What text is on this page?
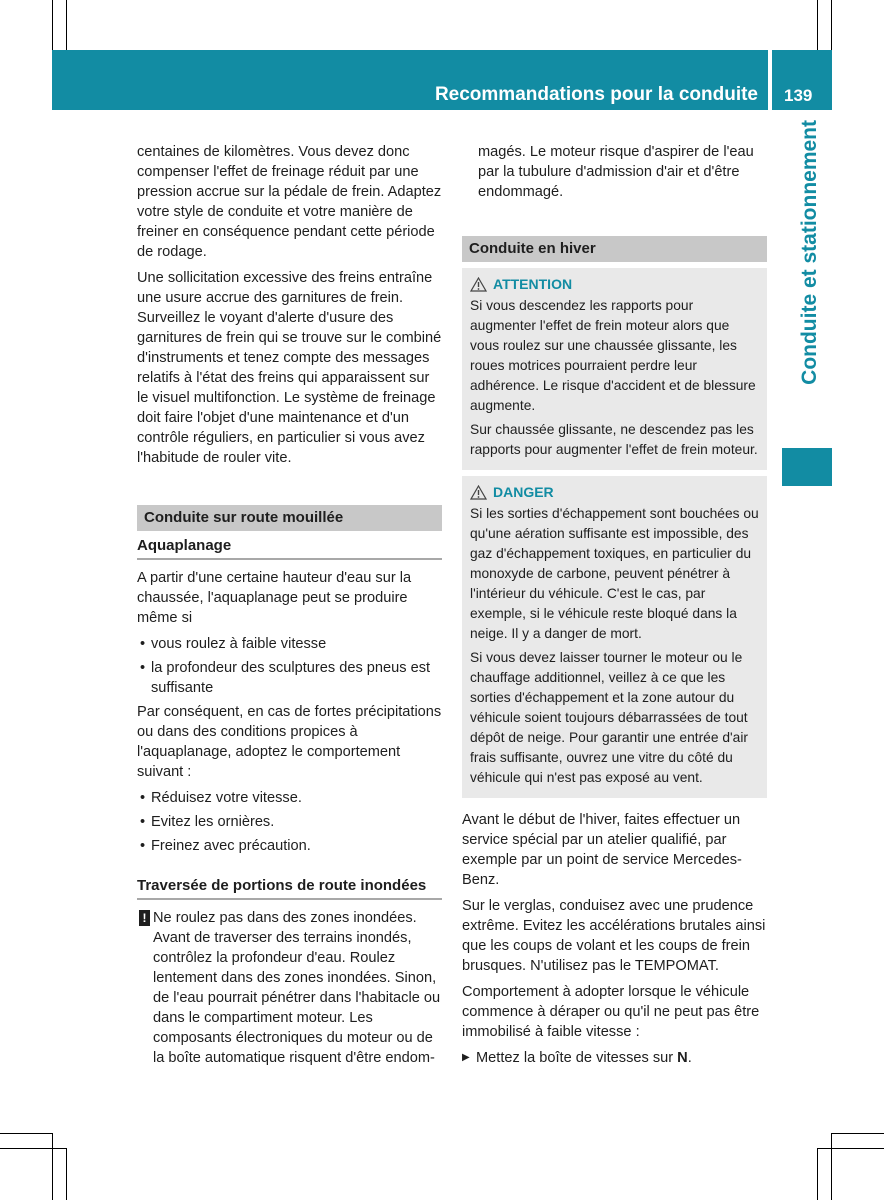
Recommandations pour la conduite 139
Conduite et stationnement

centaines de kilomètres. Vous devez donc compenser l'effet de freinage réduit par une pression accrue sur la pédale de frein. Adaptez votre style de conduite et votre manière de freiner en conséquence pendant cette période de rodage.

Une sollicitation excessive des freins entraîne une usure accrue des garnitures de frein. Surveillez le voyant d'alerte d'usure des garnitures de frein qui se trouve sur le combiné d'instruments et tenez compte des messages relatifs à l'état des freins qui apparaissent sur le visuel multifonction. Le système de freinage doit faire l'objet d'une maintenance et d'un contrôle réguliers, en particulier si vous avez l'habitude de rouler vite.

Conduite sur route mouillée
Aquaplanage

A partir d'une certaine hauteur d'eau sur la chaussée, l'aquaplanage peut se produire même si

• vous roulez à faible vitesse
• la profondeur des sculptures des pneus est suffisante

Par conséquent, en cas de fortes précipitations ou dans des conditions propices à l'aquaplanage, adoptez le comportement suivant :

• Réduisez votre vitesse.
• Evitez les ornières.
• Freinez avec précaution.
Traversée de portions de route inondées
! Ne roulez pas dans des zones inondées. Avant de traverser des terrains inondés, contrôlez la profondeur d'eau. Roulez lentement dans des zones inondées. Sinon, de l'eau pourrait pénétrer dans l'habitacle ou dans le compartiment moteur. Les composants électroniques du moteur ou de la boîte automatique risquent d'être endom-

magés. Le moteur risque d'aspirer de l'eau par la tubulure d'admission d'air et d'être endommagé.

Conduite en hiver
ATTENTION

Si vous descendez les rapports pour augmenter l'effet de frein moteur alors que vous roulez sur une chaussée glissante, les roues motrices pourraient perdre leur adhérence. Le risque d'accident et de blessure augmente.

Sur chaussée glissante, ne descendez pas les rapports pour augmenter l'effet de frein moteur.

DANGER

Si les sorties d'échappement sont bouchées ou qu'une aération suffisante est impossible, des gaz d'échappement toxiques, en particulier du monoxyde de carbone, peuvent pénétrer à l'intérieur du véhicule. C'est le cas, par exemple, si le véhicule reste bloqué dans la neige. Il y a danger de mort.

Si vous devez laisser tourner le moteur ou le chauffage additionnel, veillez à ce que les sorties d'échappement et la zone autour du véhicule soient toujours débarrassées de tout dépôt de neige. Pour garantir une entrée d'air frais suffisante, ouvrez une vitre du côté du véhicule qui n'est pas exposé au vent.

Avant le début de l'hiver, faites effectuer un service spécial par un atelier qualifié, par exemple par un point de service Mercedes-Benz.

Sur le verglas, conduisez avec une prudence extrême. Evitez les accélérations brutales ainsi que les coups de volant et les coups de frein brusques. N'utilisez pas le TEMPOMAT.

Comportement à adopter lorsque le véhicule commence à déraper ou qu'il ne peut pas être immobilisé à faible vitesse :

▶ Mettez la boîte de vitesses sur N.
